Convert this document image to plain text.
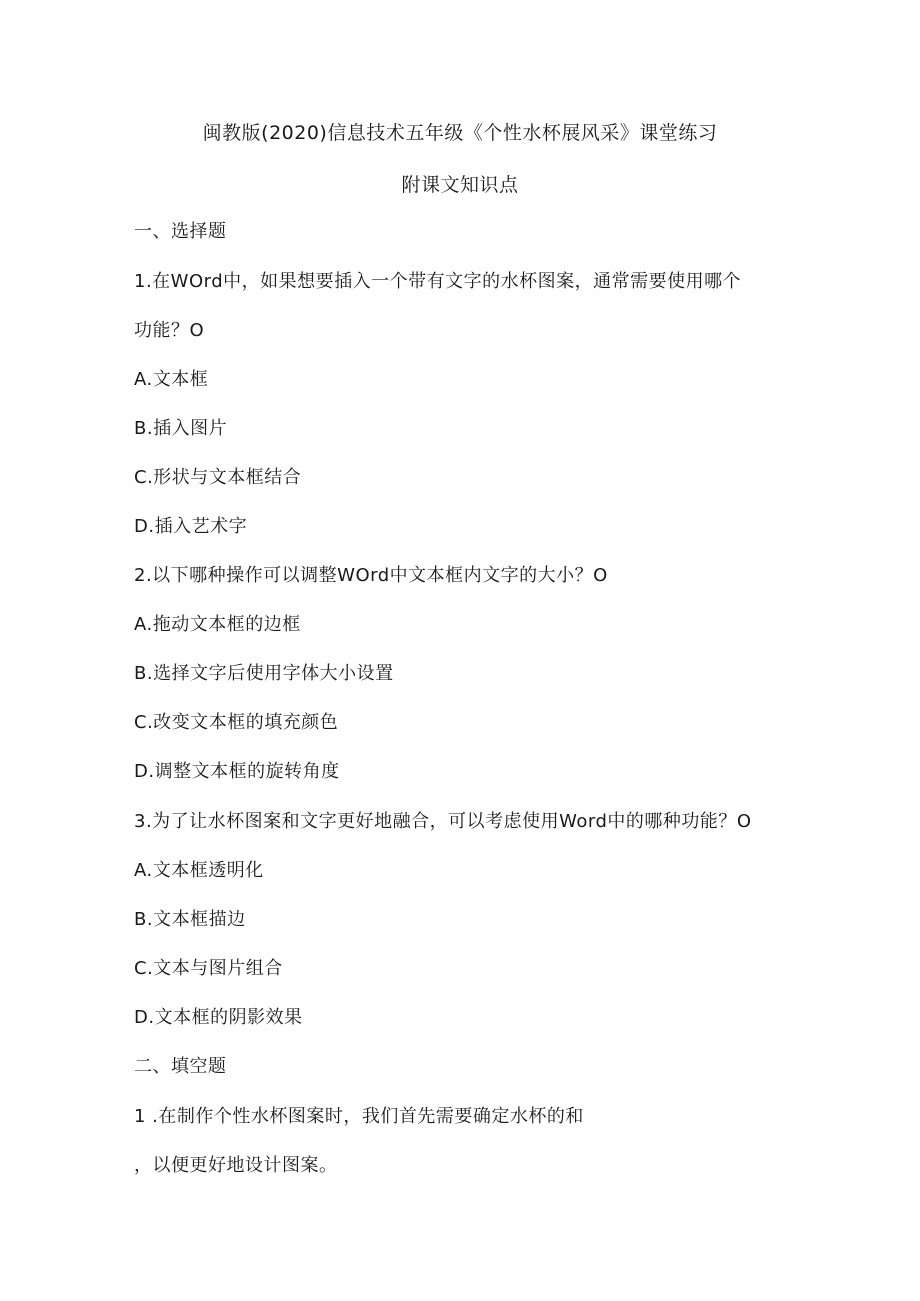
闽教版(2020)信息技术五年级《个性水杯展风采》课堂练习
附课文知识点
一、选择题
1.在WOrd中，如果想要插入一个带有文字的水杯图案，通常需要使用哪个
功能？O
A.文本框
B.插入图片
C.形状与文本框结合
D.插入艺术字
2.以下哪种操作可以调整WOrd中文本框内文字的大小？O
A.拖动文本框的边框
B.选择文字后使用字体大小设置
C.改变文本框的填充颜色
D.调整文本框的旋转角度
3.为了让水杯图案和文字更好地融合，可以考虑使用Word中的哪种功能？O
A.文本框透明化
B.文本框描边
C.文本与图片组合
D.文本框的阴影效果
二、填空题
1 .在制作个性水杯图案时，我们首先需要确定水杯的和
，以便更好地设计图案。
